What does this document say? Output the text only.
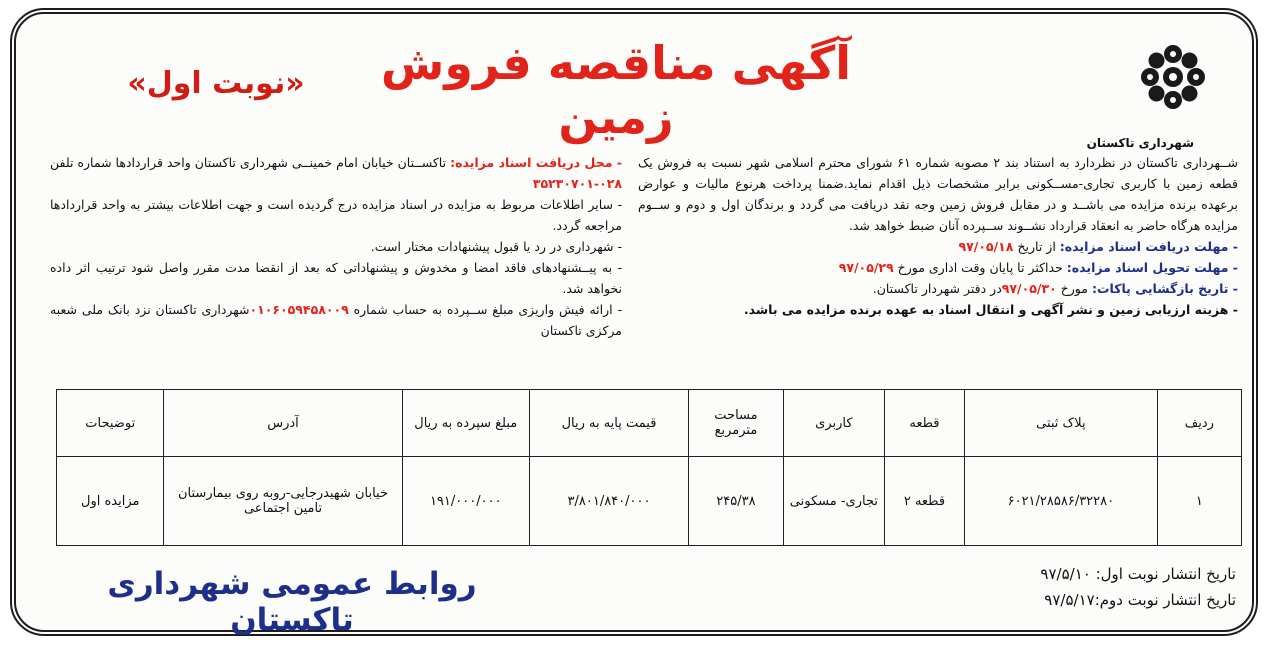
شهرداری تاکستان
آگهی مناقصه فروش زمین
«نوبت اول»

شــهرداری تاکستان در نظردارد به استناد بند ۲ مصوبه شماره ۶۱ شورای محترم اسلامی شهر نسبت به فروش یک قطعه زمین با کاربری تجاری-مســکونی برابر مشخصات ذیل اقدام نماید.ضمنا پرداخت هرنوع مالیات و عوارض برعهده برنده مزایده می باشــد و در مقابل فروش زمین وجه نقد دریافت می گردد و برندگان اول و دوم و ســوم مزایده هرگاه حاضر به انعقاد قرارداد نشــوند ســپرده آنان ضبط خواهد شد.

- مهلت دریافت اسناد مزایده: از تاریخ ۹۷/۰۵/۱۸

- مهلت تحویل اسناد مزایده: حداکثر تا پایان وقت اداری مورخ ۹۷/۰۵/۲۹

- تاریخ بازگشایی پاکات: مورخ ۹۷/۰۵/۳۰در دفتر شهردار تاکستان.

- هزینه ارزیابی زمین و نشر آگهی و انتقال اسناد به عهده برنده مزایده می باشد.

- محل دریافت اسناد مزایده: تاکســتان خیابان امام خمینــی شهرداری تاکستان واحد قراردادها شماره تلفن ۰۲۸-۳۵۲۳۰۷۰۱

- سایر اطلاعات مربوط به مزایده در اسناد مزایده درج گردیده است و جهت اطلاعات بیشتر به واحد قراردادها مراجعه گردد.

- شهرداری در رد یا قبول پیشنهادات مختار است.

- به پیــشنهادهای فاقد امضا و مخدوش و پیشنهاداتی که بعد از انقضا مدت مقرر واصل شود ترتیب اثر داده نخواهد شد.

- ارائه فیش واریزی مبلغ ســپرده به حساب شماره ۰۱۰۶۰۵۹۴۵۸۰۰۹شهرداری تاکستان نزد بانک ملی شعبه مرکزی تاکستان

ردیف	پلاک ثبتی	قطعه	کاربری	مساحت مترمربع	قیمت پایه به ریال	مبلغ سپرده به ریال	آدرس	توضیحات
۱	۶۰۲۱/۲۸۵۸۶/۳۲۲۸۰	قطعه ۲	تجاری- مسکونی	۲۴۵/۳۸	۳/۸۰۱/۸۴۰/۰۰۰	۱۹۱/۰۰۰/۰۰۰	خیابان شهیدرجایی-روبه روی بیمارستان تامین اجتماعی	مزایده اول
تاریخ انتشار نوبت اول: ۹۷/۵/۱۰
تاریخ انتشار نوبت دوم:۹۷/۵/۱۷
روابط عمومی شهرداری تاکستان
